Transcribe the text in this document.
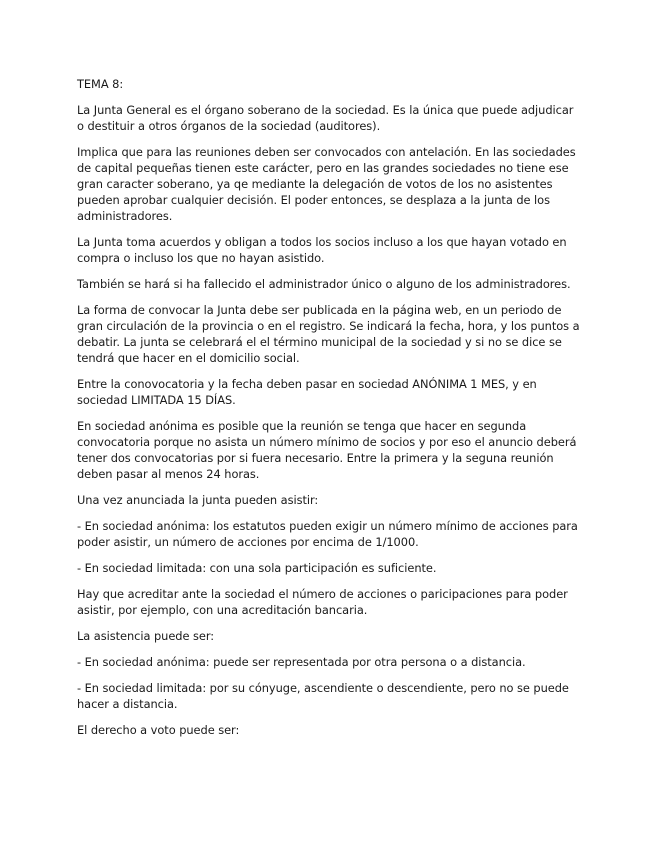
TEMA 8:

La Junta General es el órgano soberano de la sociedad. Es la única que puede adjudicar o destituir a otros órganos de la sociedad (auditores).

Implica que para las reuniones deben ser convocados con antelación. En las sociedades de capital pequeñas tienen este carácter, pero en las grandes sociedades no tiene ese gran caracter soberano, ya qe mediante la delegación de votos de los no asistentes pueden aprobar cualquier decisión. El poder entonces, se desplaza a la junta de los administradores.

La Junta toma acuerdos y obligan a todos los socios incluso a los que hayan votado en compra o incluso los que no hayan asistido.

También se hará si ha fallecido el administrador único o alguno de los administradores.

La forma de convocar la Junta debe ser publicada en la página web, en un periodo de gran circulación de la provincia o en el registro. Se indicará la fecha, hora, y los puntos a debatir. La junta se celebrará el el término municipal de la sociedad y si no se dice se tendrá que hacer en el domicilio social.

Entre la conovocatoria y la fecha deben pasar en sociedad ANÓNIMA 1 MES, y en sociedad LIMITADA 15 DÍAS.

En sociedad anónima es posible que la reunión se tenga que hacer en segunda convocatoria porque no asista un número mínimo de socios y por eso el anuncio deberá tener dos convocatorias por si fuera necesario. Entre la primera y la seguna reunión deben pasar al menos 24 horas.

Una vez anunciada la junta pueden asistir:

- En sociedad anónima: los estatutos pueden exigir un número mínimo de acciones para poder asistir, un número de acciones por encima de 1/1000.

- En sociedad limitada: con una sola participación es suficiente.

Hay que acreditar ante la sociedad el número de acciones o paricipaciones para poder asistir, por ejemplo, con una acreditación bancaria.

La asistencia puede ser:

- En sociedad anónima: puede ser representada por otra persona o a distancia.

- En sociedad limitada: por su cónyuge, ascendiente o descendiente, pero no se puede hacer a distancia.

El derecho a voto puede ser:
